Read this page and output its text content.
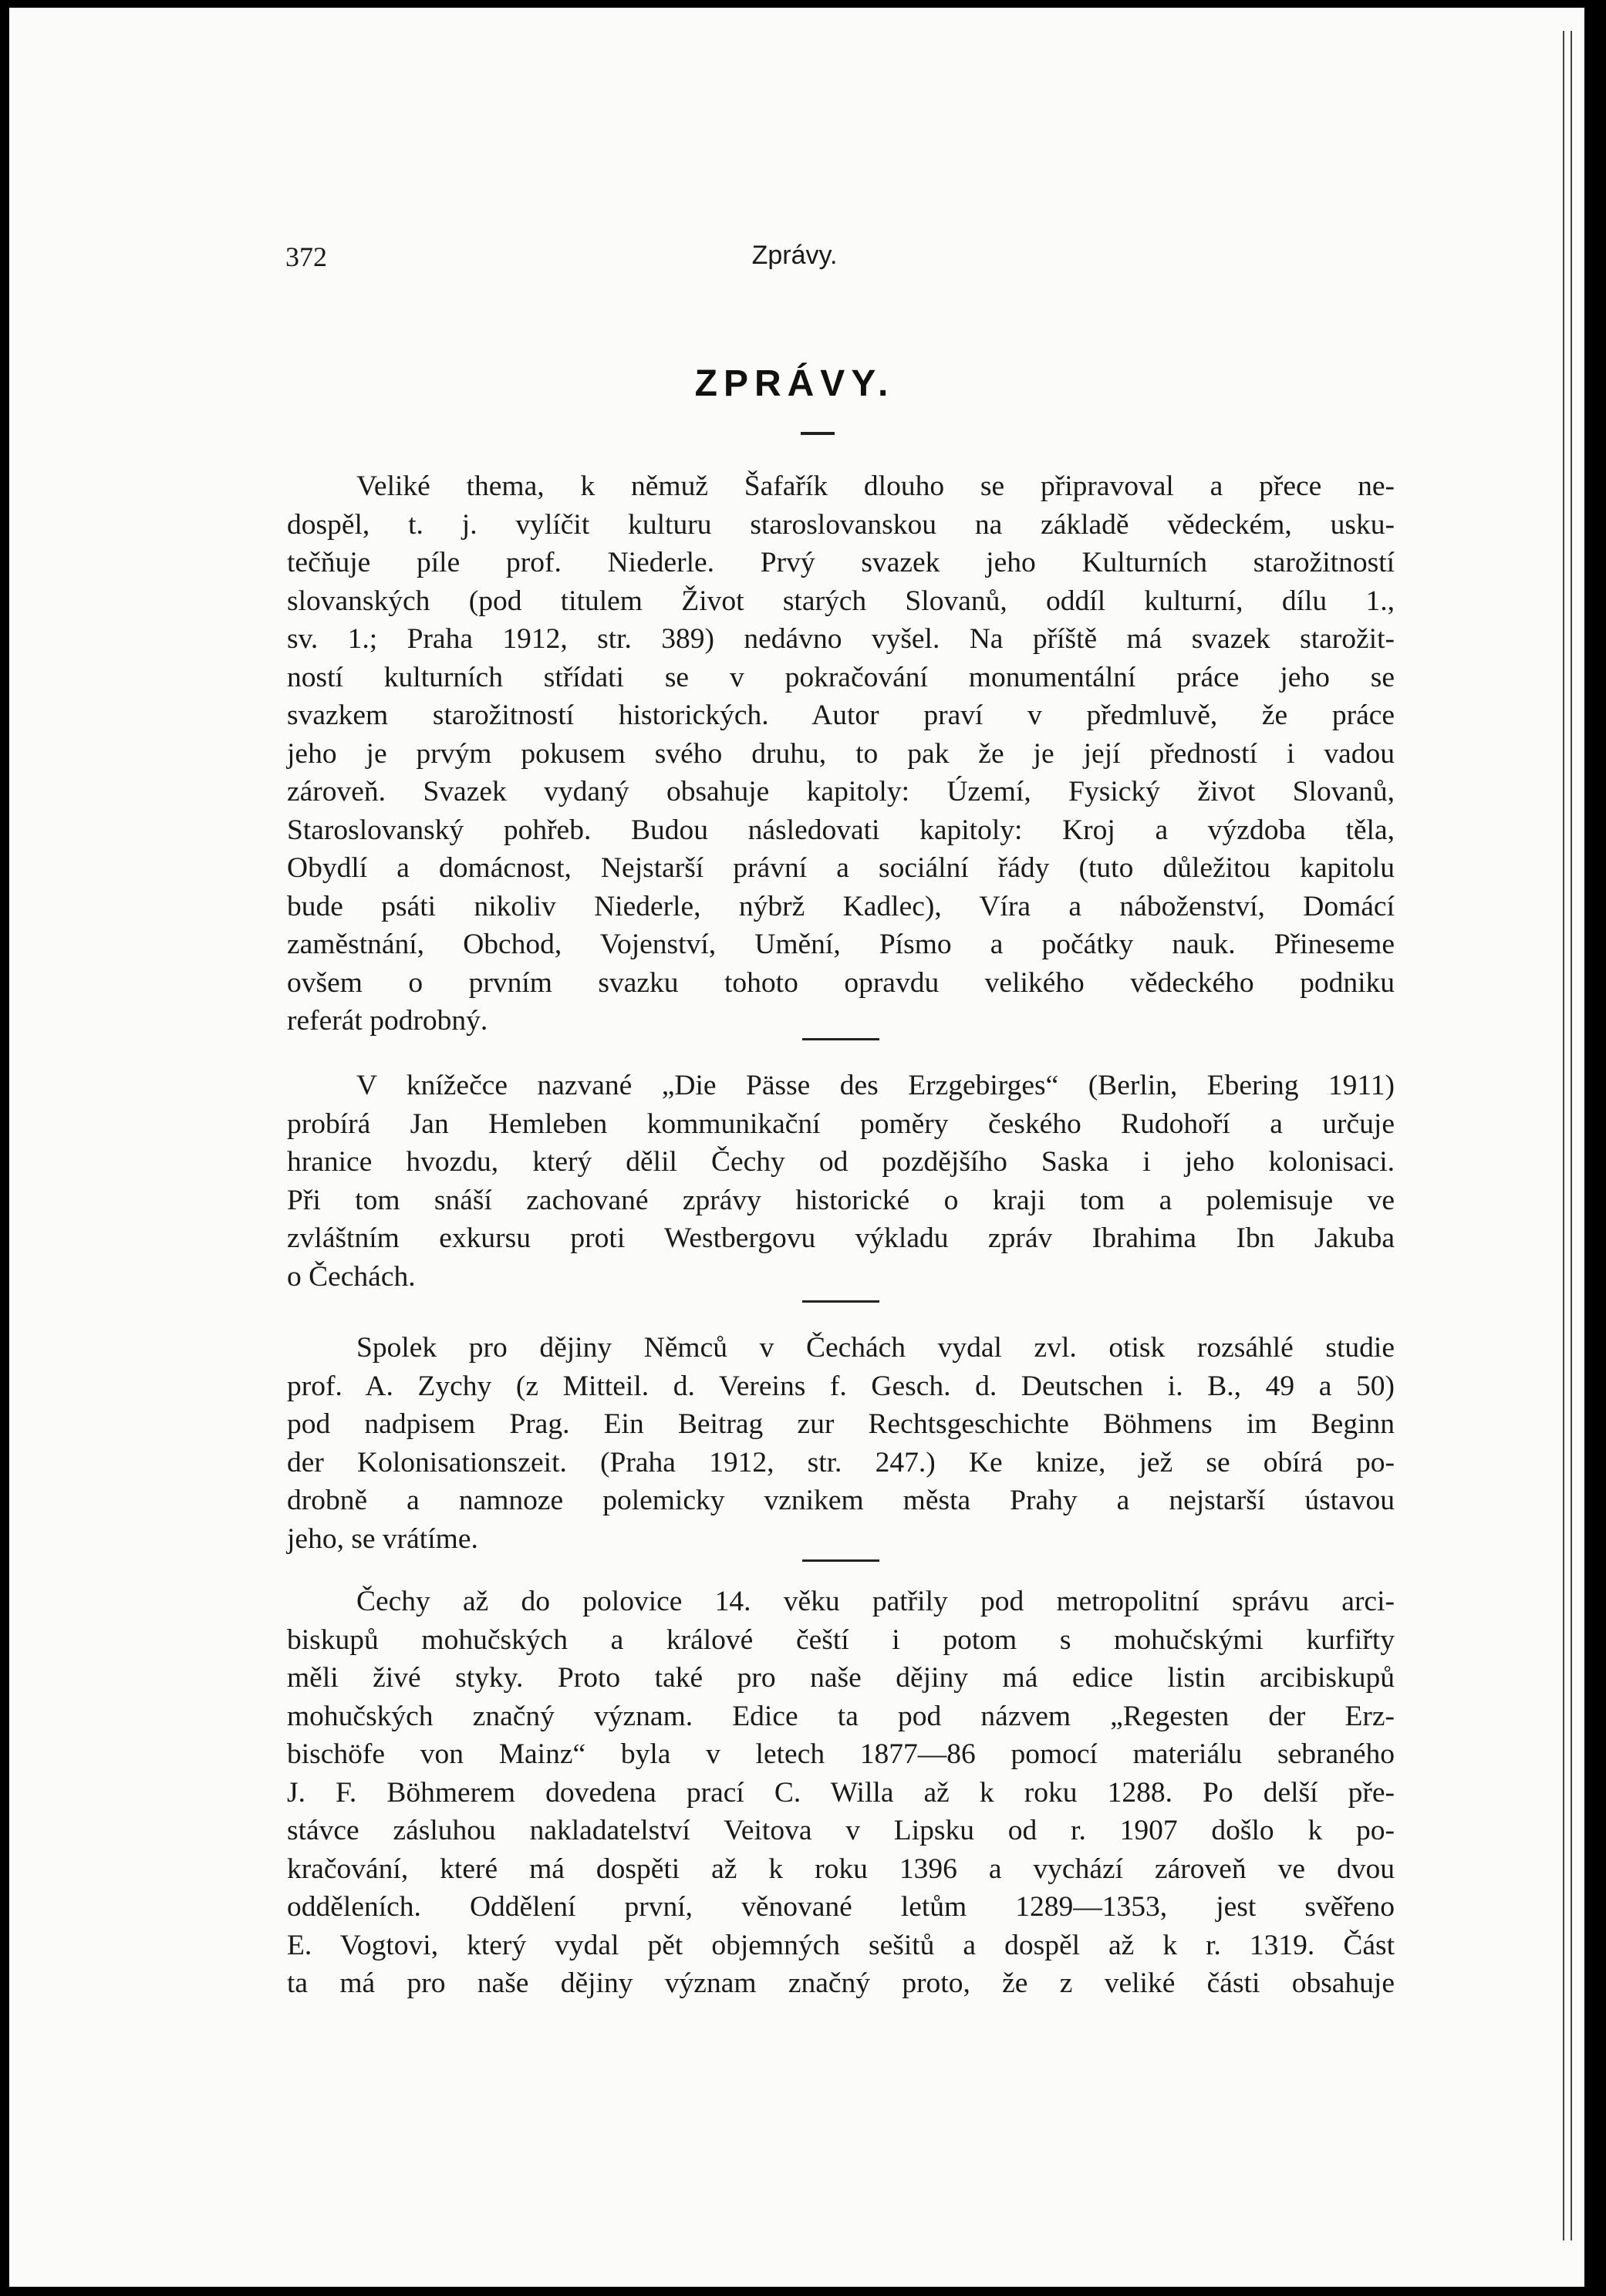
372	Zprávy.
ZPRÁVY.
Veliké thema, k němuž Šafařík dlouho se připravoval a přece ne-
dospěl, t. j. vylíčit kulturu staroslovanskou na základě vědeckém, usku-
tečňuje píle prof. Niederle. Prvý svazek jeho Kulturních starožitností
slovanských (pod titulem Život starých Slovanů, oddíl kulturní, dílu 1.,
sv. 1.; Praha 1912, str. 389) nedávno vyšel. Na příště má svazek starožit-
ností kulturních střídati se v pokračování monumentální práce jeho se
svazkem starožitností historických. Autor praví v předmluvě, že práce
jeho je prvým pokusem svého druhu, to pak že je její předností i vadou
zároveň. Svazek vydaný obsahuje kapitoly: Území, Fysický život Slovanů,
Staroslovanský pohřeb. Budou následovati kapitoly: Kroj a výzdoba těla,
Obydlí a domácnost, Nejstarší právní a sociální řády (tuto důležitou kapitolu
bude psáti nikoliv Niederle, nýbrž Kadlec), Víra a náboženství, Domácí
zaměstnání, Obchod, Vojenství, Umění, Písmo a počátky nauk. Přineseme
ovšem o prvním svazku tohoto opravdu velikého vědeckého podniku
referát podrobný.
V knížečce nazvané „Die Pässe des Erzgebirges“ (Berlin, Ebering 1911)
probírá Jan Hemleben kommunikační poměry českého Rudohoří a určuje
hranice hvozdu, který dělil Čechy od pozdějšího Saska i jeho kolonisaci.
Při tom snáší zachované zprávy historické o kraji tom a polemisuje ve
zvláštním exkursu proti Westbergovu výkladu zpráv Ibrahima Ibn Jakuba
o Čechách.
Spolek pro dějiny Němců v Čechách vydal zvl. otisk rozsáhlé studie
prof. A. Zychy (z Mitteil. d. Vereins f. Gesch. d. Deutschen i. B., 49 a 50)
pod nadpisem Prag. Ein Beitrag zur Rechtsgeschichte Böhmens im Beginn
der Kolonisationszeit. (Praha 1912, str. 247.) Ke knize, jež se obírá po-
drobně a namnoze polemicky vznikem města Prahy a nejstarší ústavou
jeho, se vrátíme.
Čechy až do polovice 14. věku patřily pod metropolitní správu arci-
biskupů mohučských a králové čeští i potom s mohučskými kurfiřty
měli živé styky. Proto také pro naše dějiny má edice listin arcibiskupů
mohučských značný význam. Edice ta pod názvem „Regesten der Erz-
bischöfe von Mainz“ byla v letech 1877—86 pomocí materiálu sebraného
J. F. Böhmerem dovedena prací C. Willa až k roku 1288. Po delší pře-
stávce zásluhou nakladatelství Veitova v Lipsku od r. 1907 došlo k po-
kračování, které má dospěti až k roku 1396 a vychází zároveň ve dvou
odděleních. Oddělení první, věnované letům 1289—1353, jest svěřeno
E. Vogtovi, který vydal pět objemných sešitů a dospěl až k r. 1319. Část
ta má pro naše dějiny význam značný proto, že z veliké části obsahuje
